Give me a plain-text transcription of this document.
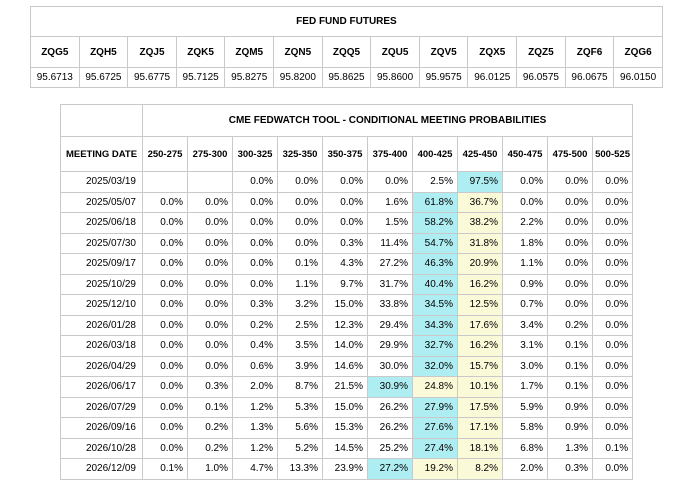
FED FUND FUTURES												
ZQG5	ZQH5	ZQJ5	ZQK5	ZQM5	ZQN5	ZQQ5	ZQU5	ZQV5	ZQX5	ZQZ5	ZQF6	ZQG6
95.6713	95.6725	95.6775	95.7125	95.8275	95.8200	95.8625	95.8600	95.9575	96.0125	96.0575	96.0675	96.0150
	CME FEDWATCH TOOL - CONDITIONAL MEETING PROBABILITIES										
MEETING DATE	250-275	275-300	300-325	325-350	350-375	375-400	400-425	425-450	450-475	475-500	500-525
2025/03/19			0.0%	0.0%	0.0%	0.0%	2.5%	97.5%	0.0%	0.0%	0.0%
2025/05/07	0.0%	0.0%	0.0%	0.0%	0.0%	1.6%	61.8%	36.7%	0.0%	0.0%	0.0%
2025/06/18	0.0%	0.0%	0.0%	0.0%	0.0%	1.5%	58.2%	38.2%	2.2%	0.0%	0.0%
2025/07/30	0.0%	0.0%	0.0%	0.0%	0.3%	11.4%	54.7%	31.8%	1.8%	0.0%	0.0%
2025/09/17	0.0%	0.0%	0.0%	0.1%	4.3%	27.2%	46.3%	20.9%	1.1%	0.0%	0.0%
2025/10/29	0.0%	0.0%	0.0%	1.1%	9.7%	31.7%	40.4%	16.2%	0.9%	0.0%	0.0%
2025/12/10	0.0%	0.0%	0.3%	3.2%	15.0%	33.8%	34.5%	12.5%	0.7%	0.0%	0.0%
2026/01/28	0.0%	0.0%	0.2%	2.5%	12.3%	29.4%	34.3%	17.6%	3.4%	0.2%	0.0%
2026/03/18	0.0%	0.0%	0.4%	3.5%	14.0%	29.9%	32.7%	16.2%	3.1%	0.1%	0.0%
2026/04/29	0.0%	0.0%	0.6%	3.9%	14.6%	30.0%	32.0%	15.7%	3.0%	0.1%	0.0%
2026/06/17	0.0%	0.3%	2.0%	8.7%	21.5%	30.9%	24.8%	10.1%	1.7%	0.1%	0.0%
2026/07/29	0.0%	0.1%	1.2%	5.3%	15.0%	26.2%	27.9%	17.5%	5.9%	0.9%	0.0%
2026/09/16	0.0%	0.2%	1.3%	5.6%	15.3%	26.2%	27.6%	17.1%	5.8%	0.9%	0.0%
2026/10/28	0.0%	0.2%	1.2%	5.2%	14.5%	25.2%	27.4%	18.1%	6.8%	1.3%	0.1%
2026/12/09	0.1%	1.0%	4.7%	13.3%	23.9%	27.2%	19.2%	8.2%	2.0%	0.3%	0.0%
